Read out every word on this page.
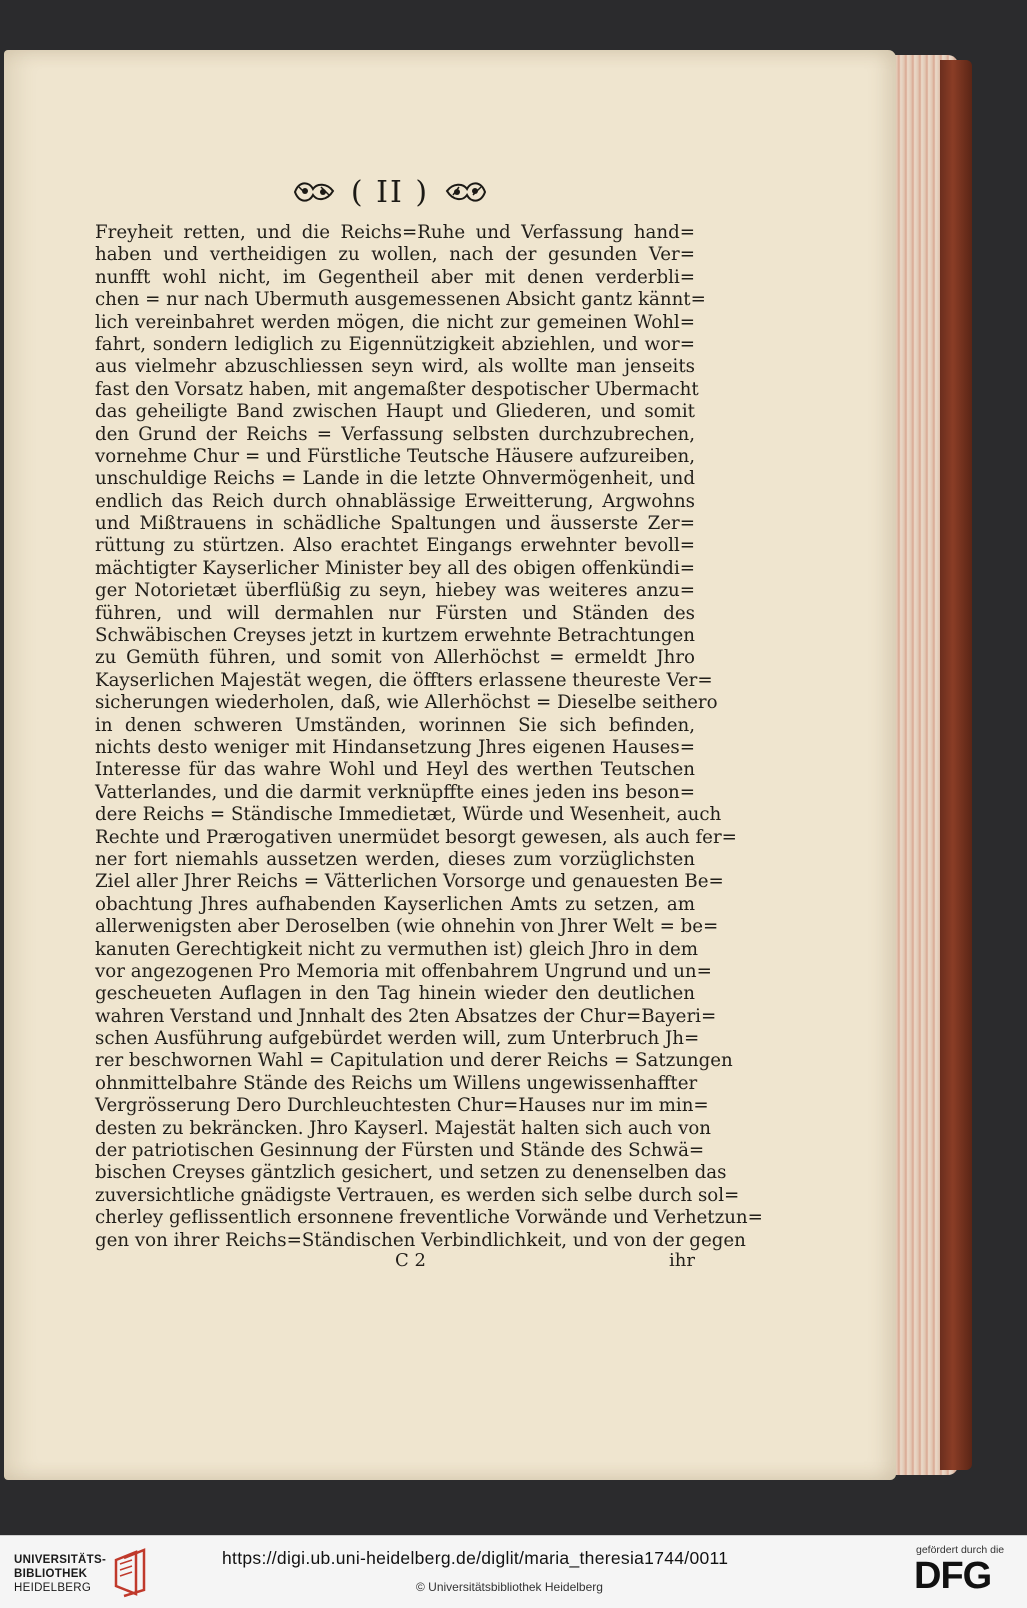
( II )
Freyheit retten, und die Reichs=Ruhe und Verfassung hand=
haben und vertheidigen zu wollen, nach der gesunden Ver=
nunfft wohl nicht, im Gegentheil aber mit denen verderbli=
chen = nur nach Ubermuth ausgemessenen Absicht gantz kännt=
lich vereinbahret werden mögen, die nicht zur gemeinen Wohl=
fahrt, sondern lediglich zu Eigennützigkeit abziehlen, und wor=
aus vielmehr abzuschliessen seyn wird, als wollte man jenseits
fast den Vorsatz haben, mit angemaßter despotischer Ubermacht
das geheiligte Band zwischen Haupt und Gliederen, und somit
den Grund der Reichs = Verfassung selbsten durchzubrechen,
vornehme Chur = und Fürstliche Teutsche Häusere aufzureiben,
unschuldige Reichs = Lande in die letzte Ohnvermögenheit, und
endlich das Reich durch ohnablässige Erweitterung, Argwohns
und Mißtrauens in schädliche Spaltungen und äusserste Zer=
rüttung zu stürtzen. Also erachtet Eingangs erwehnter bevoll=
mächtigter Kayserlicher Minister bey all des obigen offenkündi=
ger Notorietæt überflüßig zu seyn, hiebey was weiteres anzu=
führen, und will dermahlen nur Fürsten und Ständen des
Schwäbischen Creyses jetzt in kurtzem erwehnte Betrachtungen
zu Gemüth führen, und somit von Allerhöchst = ermeldt Jhro
Kayserlichen Majestät wegen, die öffters erlassene theureste Ver=
sicherungen wiederholen, daß, wie Allerhöchst = Dieselbe seithero
in denen schweren Umständen, worinnen Sie sich befinden,
nichts desto weniger mit Hindansetzung Jhres eigenen Hauses=
Interesse für das wahre Wohl und Heyl des werthen Teutschen
Vatterlandes, und die darmit verknüpffte eines jeden ins beson=
dere Reichs = Ständische Immedietæt, Würde und Wesenheit, auch
Rechte und Prærogativen unermüdet besorgt gewesen, als auch fer=
ner fort niemahls aussetzen werden, dieses zum vorzüglichsten
Ziel aller Jhrer Reichs = Vätterlichen Vorsorge und genauesten Be=
obachtung Jhres aufhabenden Kayserlichen Amts zu setzen, am
allerwenigsten aber Deroselben (wie ohnehin von Jhrer Welt = be=
kanuten Gerechtigkeit nicht zu vermuthen ist) gleich Jhro in dem
vor angezogenen Pro Memoria mit offenbahrem Ungrund und un=
gescheueten Auflagen in den Tag hinein wieder den deutlichen
wahren Verstand und Jnnhalt des 2ten Absatzes der Chur=Bayeri=
schen Ausführung aufgebürdet werden will, zum Unterbruch Jh=
rer beschwornen Wahl = Capitulation und derer Reichs = Satzungen
ohnmittelbahre Stände des Reichs um Willens ungewissenhaffter
Vergrösserung Dero Durchleuchtesten Chur=Hauses nur im min=
desten zu bekräncken. Jhro Kayserl. Majestät halten sich auch von
der patriotischen Gesinnung der Fürsten und Stände des Schwä=
bischen Creyses gäntzlich gesichert, und setzen zu denenselben das
zuversichtliche gnädigste Vertrauen, es werden sich selbe durch sol=
cherley geflissentlich ersonnene freventliche Vorwände und Verhetzun=
gen von ihrer Reichs=Ständischen Verbindlichkeit, und von der gegen
C 2	ihr
UNIVERSITÄTS-
BIBLIOTHEK
HEIDELBERG
https://digi.ub.uni-heidelberg.de/diglit/maria_theresia1744/0011
© Universitätsbibliothek Heidelberg
gefördert durch die
DFG
